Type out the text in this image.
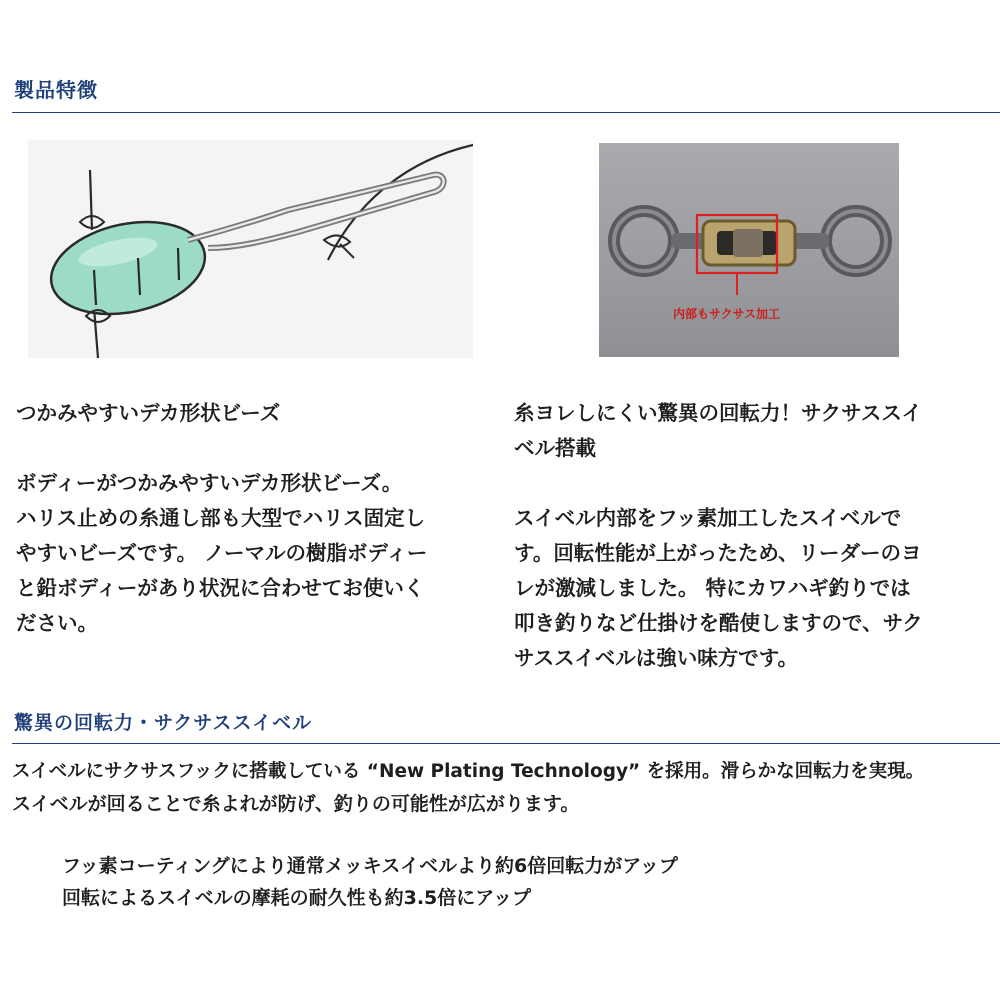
製品特徴
内部もサクサス加工

つかみやすいデカ形状ビーズ

ボディーがつかみやすいデカ形状ビーズ。
ハリス止めの糸通し部も大型でハリス固定し
やすいビーズです。 ノーマルの樹脂ボディー
と鉛ボディーがあり状況に合わせてお使いく
ださい。

糸ヨレしにくい驚異の回転力！サクサススイ
ベル搭載

スイベル内部をフッ素加工したスイベルで
す。回転性能が上がったため、リーダーのヨ
レが激減しました。 特にカワハギ釣りでは
叩き釣りなど仕掛けを酷使しますので、サク
サススイベルは強い味方です。

驚異の回転力・サクサススイベル
スイベルにサクサスフックに搭載している “New Plating Technology” を採用。滑らかな回転力を実現。
スイベルが回ることで糸よれが防げ、釣りの可能性が広がります。
フッ素コーティングにより通常メッキスイベルより約6倍回転力がアップ
回転によるスイベルの摩耗の耐久性も約3.5倍にアップ
